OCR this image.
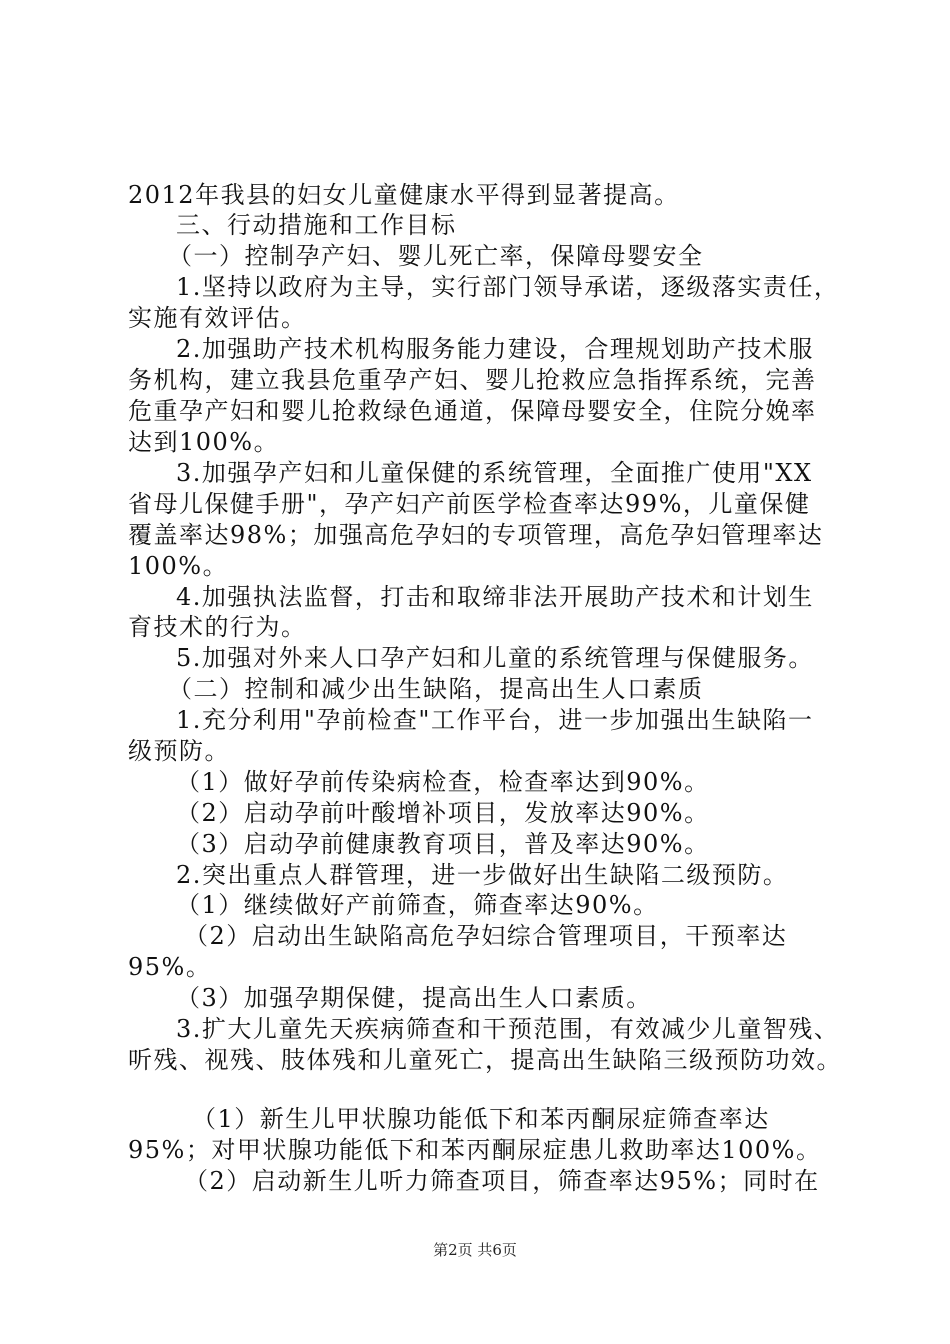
2012年我县的妇女儿童健康水平得到显著提高。
三、行动措施和工作目标
（一）控制孕产妇、婴儿死亡率，保障母婴安全
1.坚持以政府为主导，实行部门领导承诺，逐级落实责任，
实施有效评估。
2.加强助产技术机构服务能力建设，合理规划助产技术服
务机构，建立我县危重孕产妇、婴儿抢救应急指挥系统，完善
危重孕产妇和婴儿抢救绿色通道，保障母婴安全，住院分娩率
达到100%。
3.加强孕产妇和儿童保健的系统管理，全面推广使用"XX
省母儿保健手册"，孕产妇产前医学检查率达99%，儿童保健
覆盖率达98%；加强高危孕妇的专项管理，高危孕妇管理率达
100%。
4.加强执法监督，打击和取缔非法开展助产技术和计划生
育技术的行为。
5.加强对外来人口孕产妇和儿童的系统管理与保健服务。
（二）控制和减少出生缺陷，提高出生人口素质
1.充分利用"孕前检查"工作平台，进一步加强出生缺陷一
级预防。
（1）做好孕前传染病检查，检查率达到90%。
（2）启动孕前叶酸增补项目，发放率达90%。
（3）启动孕前健康教育项目，普及率达90%。
2.突出重点人群管理，进一步做好出生缺陷二级预防。
（1）继续做好产前筛查，筛查率达90%。
（2）启动出生缺陷高危孕妇综合管理项目，干预率达
95%。
（3）加强孕期保健，提高出生人口素质。
3.扩大儿童先天疾病筛查和干预范围，有效减少儿童智残、
听残、视残、肢体残和儿童死亡，提高出生缺陷三级预防功效。
（1）新生儿甲状腺功能低下和苯丙酮尿症筛查率达
95%；对甲状腺功能低下和苯丙酮尿症患儿救助率达100%。
（2）启动新生儿听力筛查项目，筛查率达95%；同时在
第2页 共6页
